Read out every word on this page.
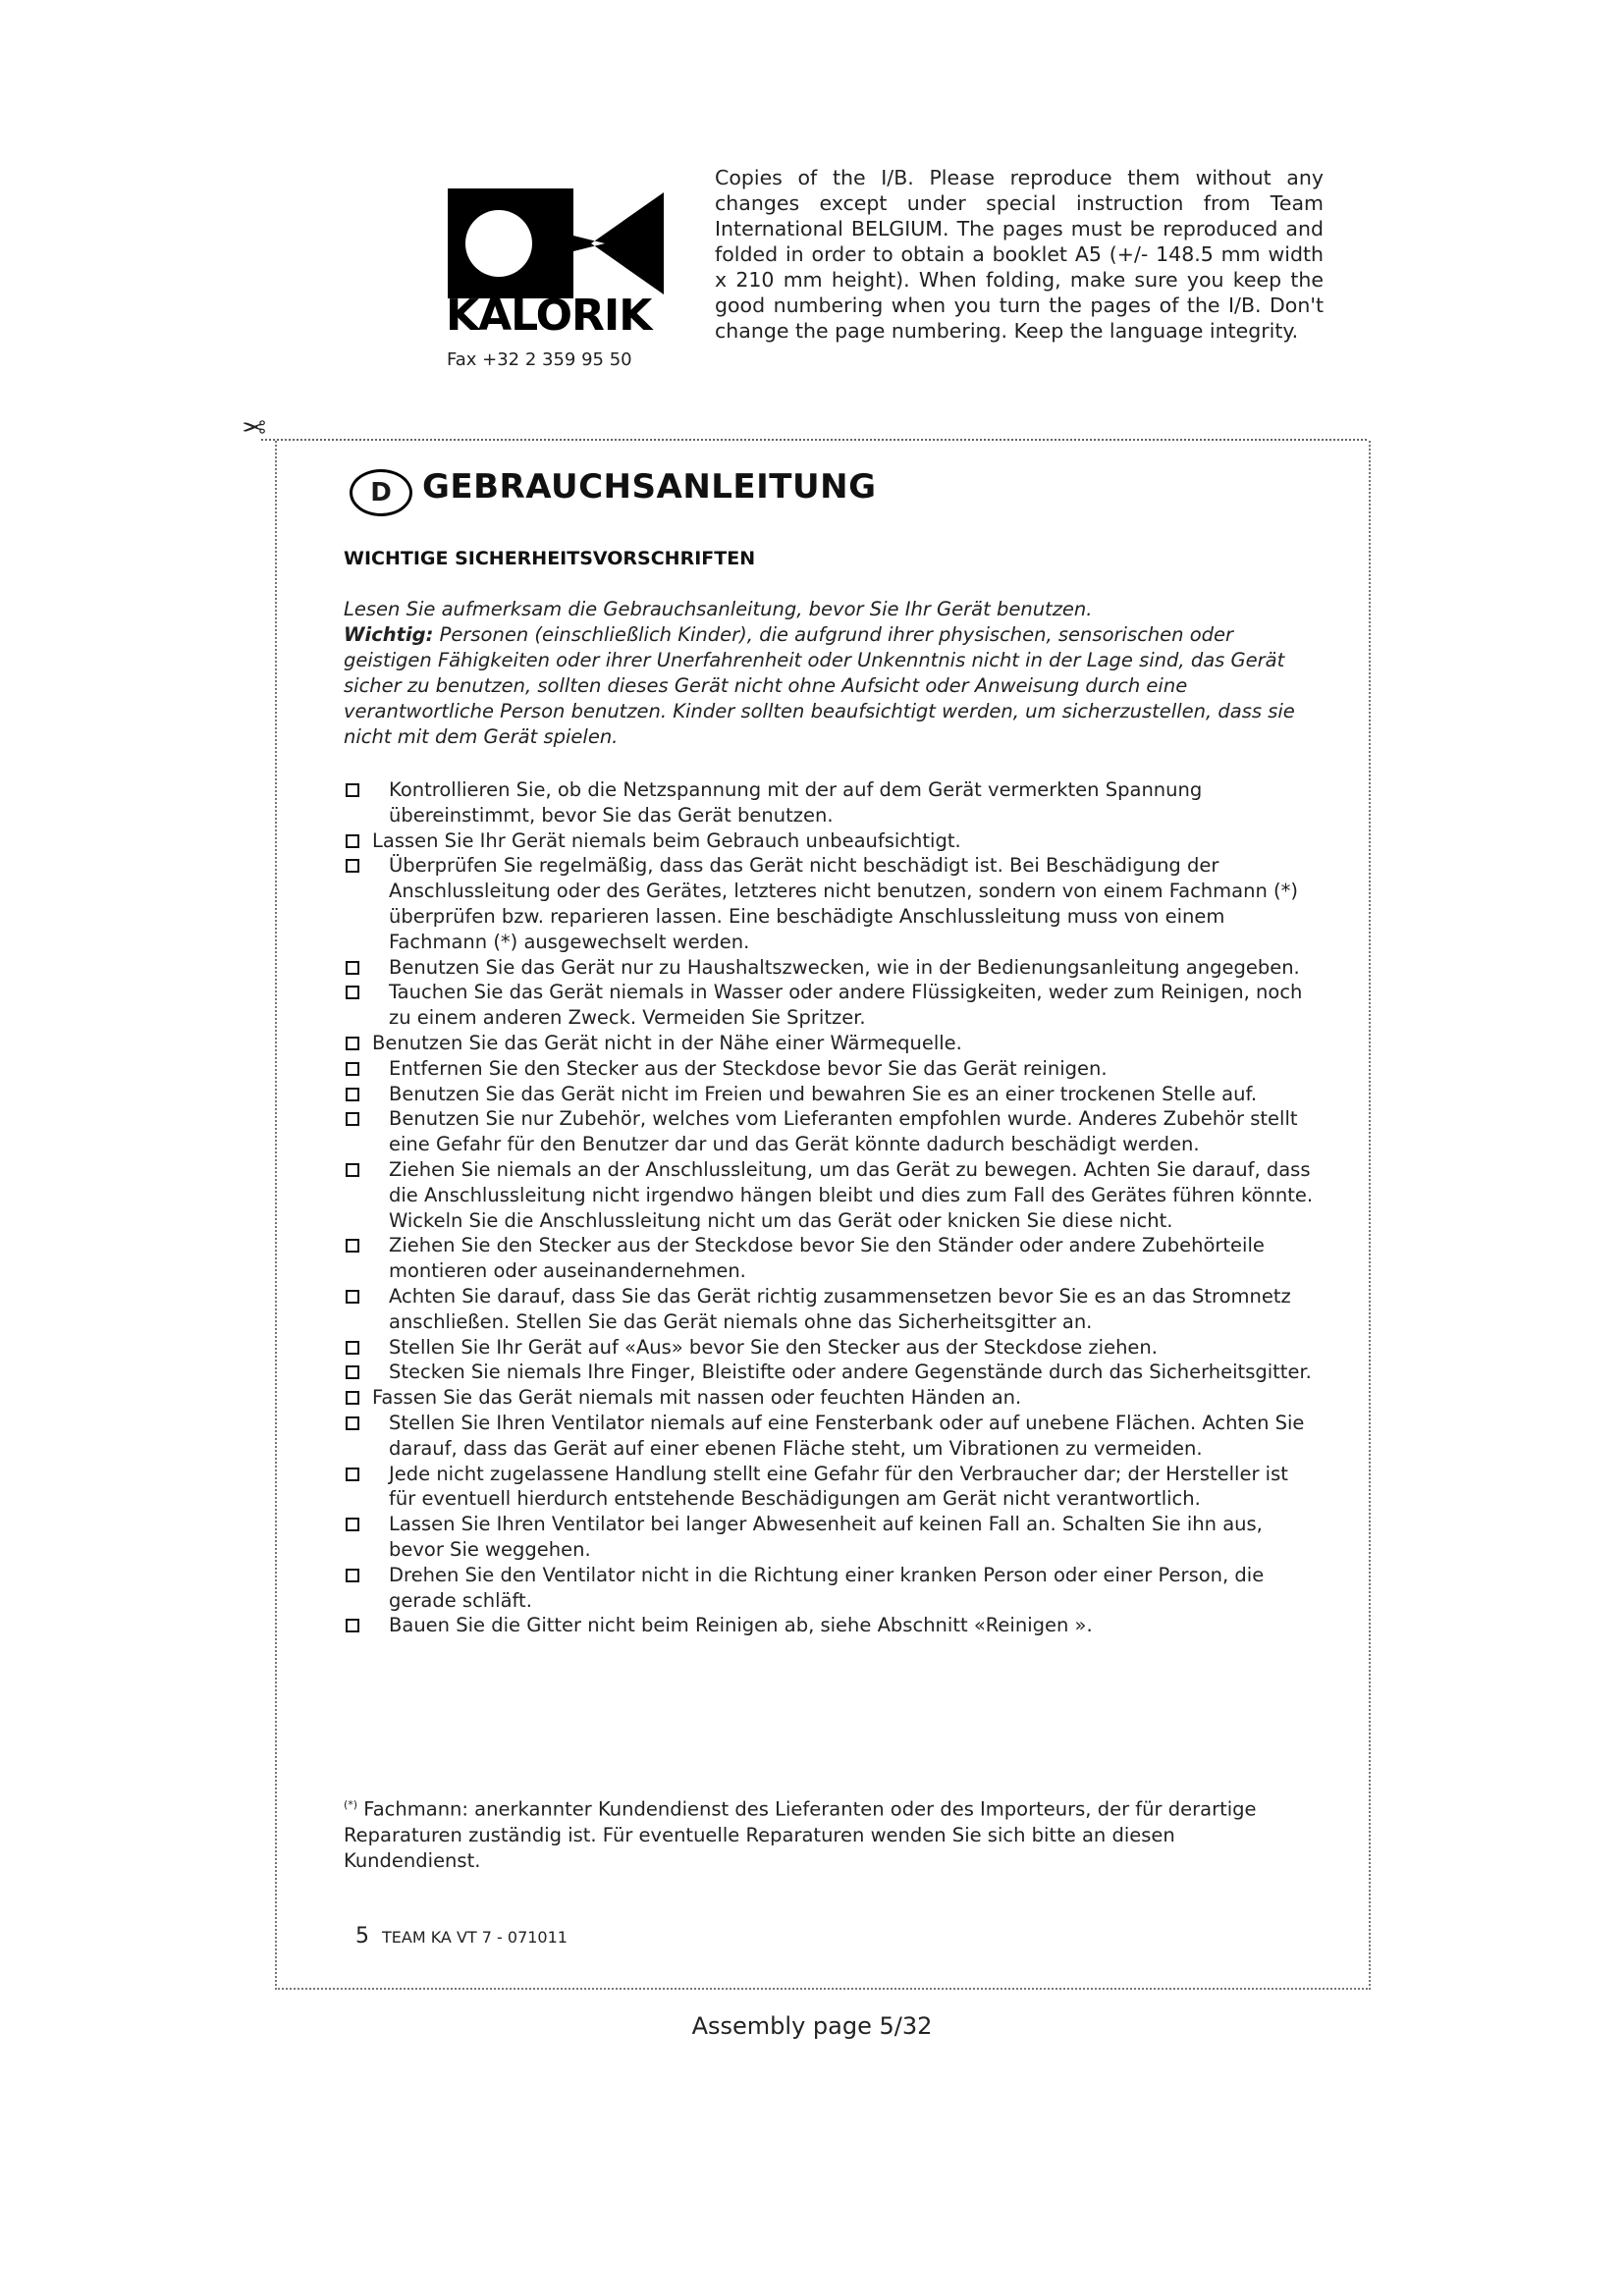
KALORIK
Fax +32 2 359 95 50
Copies of the I/B. Please reproduce them without any changes except under special instruction from Team International BELGIUM. The pages must be reproduced and folded in order to obtain a booklet A5 (+/- 148.5 mm width x 210 mm height). When folding, make sure you keep the good numbering when you turn the pages of the I/B. Don't change the page numbering. Keep the language integrity.
✂
D GEBRAUCHSANLEITUNG
WICHTIGE SICHERHEITSVORSCHRIFTEN
Lesen Sie aufmerksam die Gebrauchsanleitung, bevor Sie Ihr Gerät benutzen.
Wichtig: Personen (einschließlich Kinder), die aufgrund ihrer physischen, sensorischen oder geistigen Fähigkeiten oder ihrer Unerfahrenheit oder Unkenntnis nicht in der Lage sind, das Gerät sicher zu benutzen, sollten dieses Gerät nicht ohne Aufsicht oder Anweisung durch eine verantwortliche Person benutzen. Kinder sollten beaufsichtigt werden, um sicherzustellen, dass sie nicht mit dem Gerät spielen.
Kontrollieren Sie, ob die Netzspannung mit der auf dem Gerät vermerkten Spannung übereinstimmt, bevor Sie das Gerät benutzen.
Lassen Sie Ihr Gerät niemals beim Gebrauch unbeaufsichtigt.
Überprüfen Sie regelmäßig, dass das Gerät nicht beschädigt ist. Bei Beschädigung der Anschlussleitung oder des Gerätes, letzteres nicht benutzen, sondern von einem Fachmann (*) überprüfen bzw. reparieren lassen. Eine beschädigte Anschlussleitung muss von einem Fachmann (*) ausgewechselt werden.
Benutzen Sie das Gerät nur zu Haushaltszwecken, wie in der Bedienungsanleitung angegeben.
Tauchen Sie das Gerät niemals in Wasser oder andere Flüssigkeiten, weder zum Reinigen, noch zu einem anderen Zweck. Vermeiden Sie Spritzer.
Benutzen Sie das Gerät nicht in der Nähe einer Wärmequelle.
Entfernen Sie den Stecker aus der Steckdose bevor Sie das Gerät reinigen.
Benutzen Sie das Gerät nicht im Freien und bewahren Sie es an einer trockenen Stelle auf.
Benutzen Sie nur Zubehör, welches vom Lieferanten empfohlen wurde. Anderes Zubehör stellt eine Gefahr für den Benutzer dar und das Gerät könnte dadurch beschädigt werden.
Ziehen Sie niemals an der Anschlussleitung, um das Gerät zu bewegen. Achten Sie darauf, dass die Anschlussleitung nicht irgendwo hängen bleibt und dies zum Fall des Gerätes führen könnte. Wickeln Sie die Anschlussleitung nicht um das Gerät oder knicken Sie diese nicht.
Ziehen Sie den Stecker aus der Steckdose bevor Sie den Ständer oder andere Zubehörteile montieren oder auseinandernehmen.
Achten Sie darauf, dass Sie das Gerät richtig zusammensetzen bevor Sie es an das Stromnetz anschließen. Stellen Sie das Gerät niemals ohne das Sicherheitsgitter an.
Stellen Sie Ihr Gerät auf «Aus» bevor Sie den Stecker aus der Steckdose ziehen.
Stecken Sie niemals Ihre Finger, Bleistifte oder andere Gegenstände durch das Sicherheitsgitter.
Fassen Sie das Gerät niemals mit nassen oder feuchten Händen an.
Stellen Sie Ihren Ventilator niemals auf eine Fensterbank oder auf unebene Flächen. Achten Sie darauf, dass das Gerät auf einer ebenen Fläche steht, um Vibrationen zu vermeiden.
Jede nicht zugelassene Handlung stellt eine Gefahr für den Verbraucher dar; der Hersteller ist für eventuell hierdurch entstehende Beschädigungen am Gerät nicht verantwortlich.
Lassen Sie Ihren Ventilator bei langer Abwesenheit auf keinen Fall an. Schalten Sie ihn aus, bevor Sie weggehen.
Drehen Sie den Ventilator nicht in die Richtung einer kranken Person oder einer Person, die gerade schläft.
Bauen Sie die Gitter nicht beim Reinigen ab, siehe Abschnitt «Reinigen ».
(*) Fachmann: anerkannter Kundendienst des Lieferanten oder des Importeurs, der für derartige Reparaturen zuständig ist. Für eventuelle Reparaturen wenden Sie sich bitte an diesen Kundendienst.
5 TEAM KA VT 7 - 071011
Assembly page 5/32
